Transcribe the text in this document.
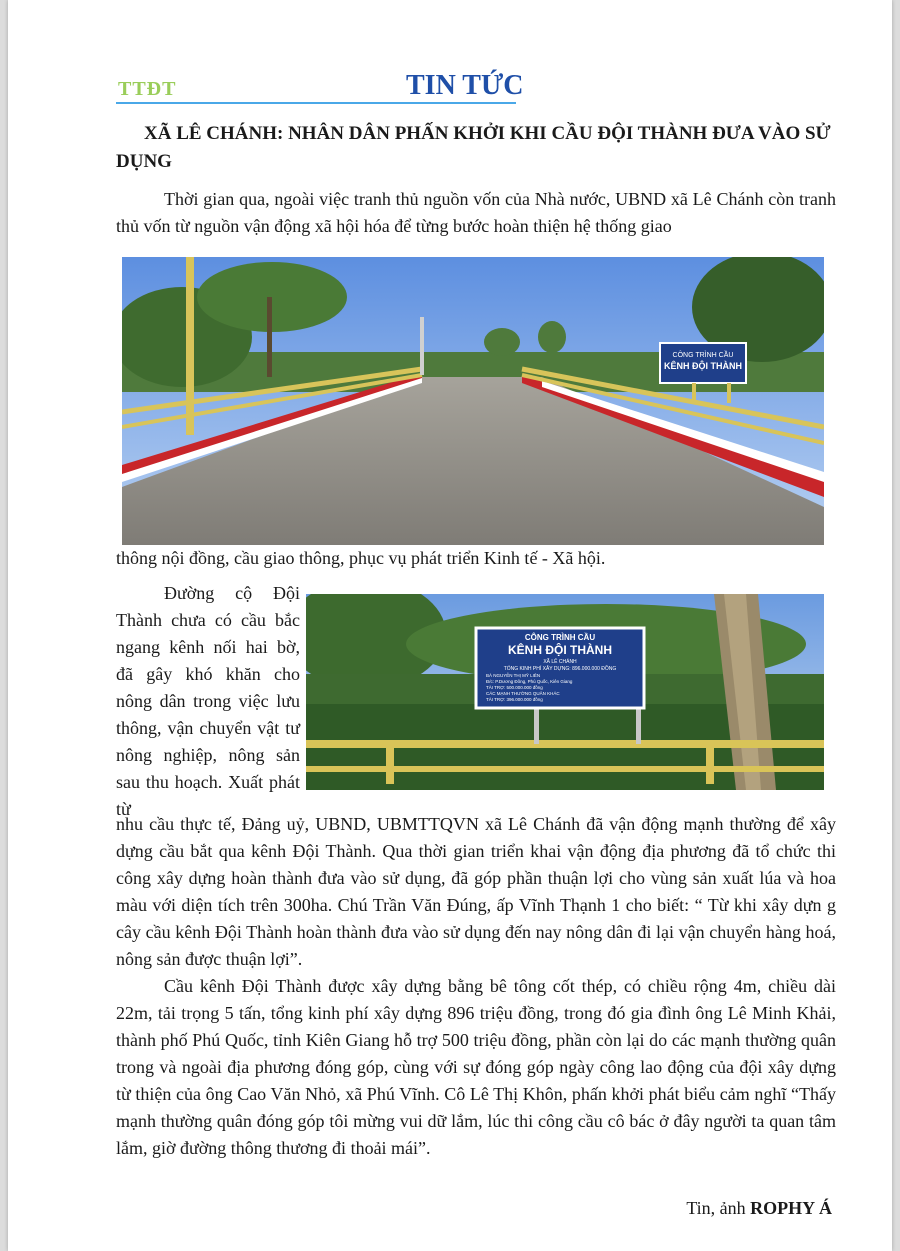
TTĐT	TIN TỨC
XÃ LÊ CHÁNH: NHÂN DÂN PHẤN KHỞI KHI CẦU ĐỘI THÀNH ĐƯA VÀO SỬ DỤNG
Thời gian qua, ngoài việc tranh thủ nguồn vốn của Nhà nước, UBND xã Lê Chánh còn tranh thủ vốn từ nguồn vận động xã hội hóa để từng bước hoàn thiện hệ thống giao
CÔNG TRÌNH CẦU
KÊNH ĐỘI THÀNH
thông nội đồng, cầu giao thông, phục vụ phát triển Kinh tế - Xã hội.
Đường cộ Đội Thành chưa có cầu bắc ngang kênh nối hai bờ, đã gây khó khăn cho nông dân trong việc lưu thông, vận chuyển vật tư nông nghiệp, nông sản sau thu hoạch. Xuất phát từ
CÔNG TRÌNH CẦU
KÊNH ĐỘI THÀNH
XÃ LÊ CHÁNH
TỔNG KINH PHÍ XÂY DỰNG: 896.000.000 ĐỒNG
BÀ NGUYỄN THỊ MỸ LIÊN
Đ/c: P.Dương Đông, Phú Quốc, Kiên Giang
TÀI TRỢ: 500.000.000 đồng
CÁC MẠNH THƯỜNG QUÂN KHÁC
TÀI TRỢ: 396.000.000 đồng
nhu cầu thực tế, Đảng uỷ, UBND, UBMTTQVN xã Lê Chánh đã vận động mạnh thường để xây dựng cầu bắt qua kênh Đội Thành. Qua thời gian triển khai vận động địa phương đã tổ chức thi công xây dựng hoàn thành đưa vào sử dụng, đã góp phần thuận lợi cho vùng sản xuất lúa và hoa màu với diện tích trên 300ha. Chú Trần Văn Đúng, ấp Vĩnh Thạnh 1 cho biết: “ Từ khi xây dựn g cây cầu kênh Đội Thành hoàn thành đưa vào sử dụng đến nay nông dân đi lại vận chuyển hàng hoá, nông sản được thuận lợi”.
Cầu kênh Đội Thành được xây dựng bằng bê tông cốt thép, có chiều rộng 4m, chiều dài 22m, tải trọng 5 tấn, tổng kinh phí xây dựng 896 triệu đồng, trong đó gia đình ông Lê Minh Khải, thành phố Phú Quốc, tỉnh Kiên Giang hỗ trợ 500 triệu đồng, phần còn lại do các mạnh thường quân trong và ngoài địa phương đóng góp, cùng với sự đóng góp ngày công lao động của đội xây dựng từ thiện của ông Cao Văn Nhỏ, xã Phú Vĩnh. Cô Lê Thị Khôn, phấn khởi phát biểu cảm nghĩ “Thấy mạnh thường quân đóng góp tôi mừng vui dữ lắm, lúc thi công cầu cô bác ở đây người ta quan tâm lắm, giờ đường thông thương đi thoải mái”.
Tin, ảnh ROPHY Á
